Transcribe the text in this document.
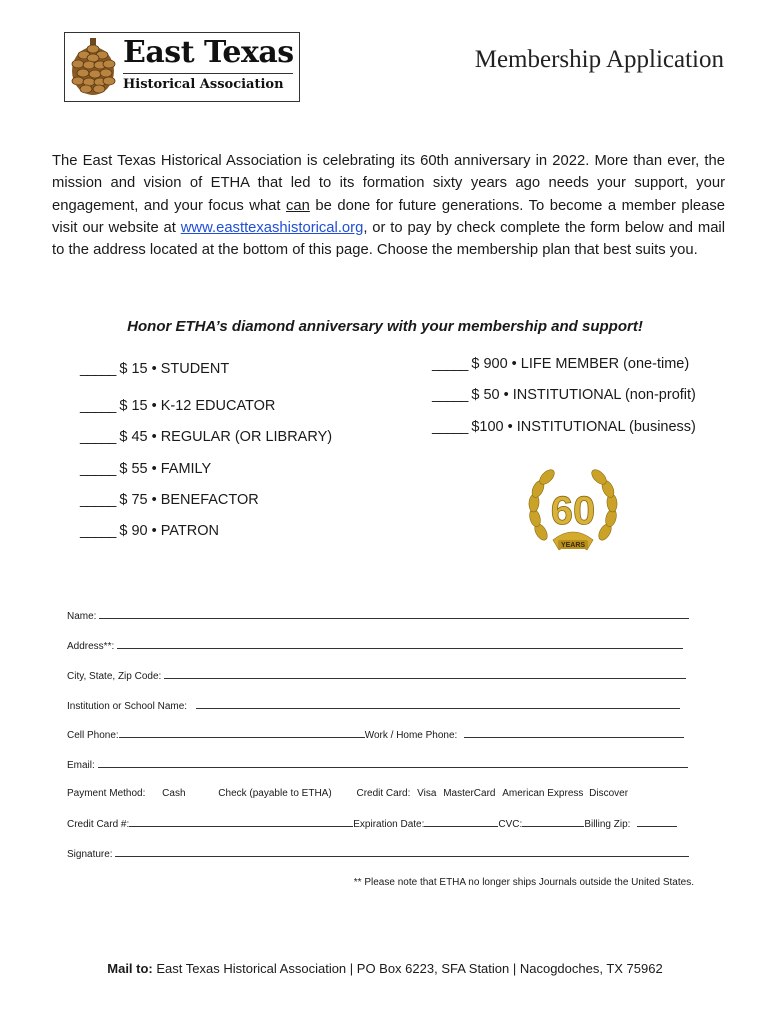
East Texas
Historical Association
Membership Application
The East Texas Historical Association is celebrating its 60th anniversary in 2022. More than ever, the mission and vision of ETHA that led to its formation sixty years ago needs your support, your engagement, and your focus what can be done for future generations. To become a member please visit our website at www.easttexashistorical.org, or to pay by check complete the form below and mail to the address located at the bottom of this page. Choose the membership plan that best suits you.
Honor ETHA’s diamond anniversary with your membership and support!
_____ $ 15 • STUDENT
_____ $ 15 • K-12 EDUCATOR
_____ $ 45 • REGULAR (OR LIBRARY)
_____ $ 55 • FAMILY
_____ $ 75 • BENEFACTOR
_____ $ 90 • PATRON
_____ $ 900 • LIFE MEMBER (one-time)
_____ $ 50 • INSTITUTIONAL (non-profit)
_____ $100 • INSTITUTIONAL (business)
60
YEARS
Name:
Address**:
City, State, Zip Code:
Institution or School Name:
Cell Phone:	Work / Home Phone:
Email:
Payment Method: Cash	Check (payable to ETHA) Credit Card: Visa MasterCard American Express Discover
Credit Card #:	Expiration Date:	CVC:	Billing Zip:
Signature:
** Please note that ETHA no longer ships Journals outside the United States.
Mail to: East Texas Historical Association | PO Box 6223, SFA Station | Nacogdoches, TX 75962
